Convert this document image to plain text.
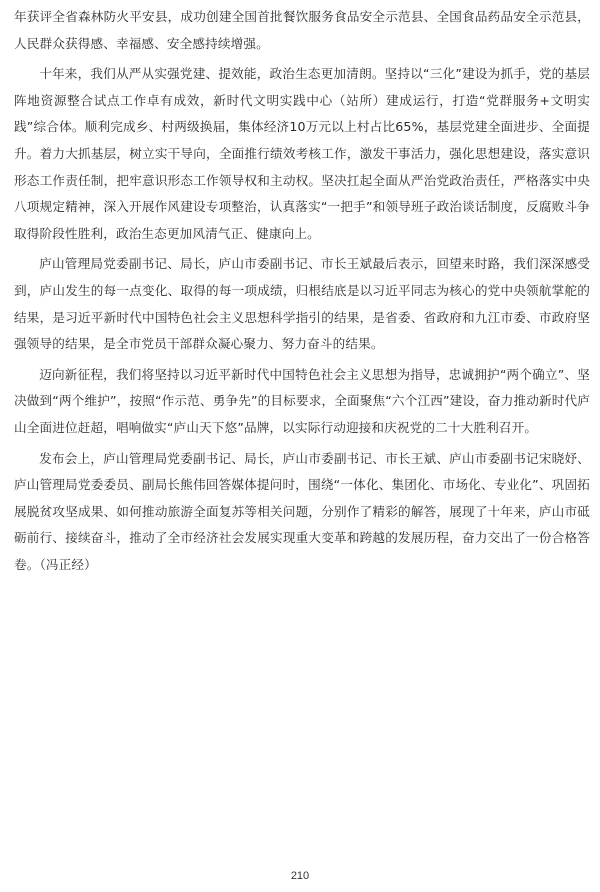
年获评全省森林防火平安县，成功创建全国首批餐饮服务食品安全示范县、全国食品药品安全示范县，人民群众获得感、幸福感、安全感持续增强。

十年来，我们从严从实强党建、提效能，政治生态更加清朗。坚持以“三化”建设为抓手，党的基层阵地资源整合试点工作卓有成效，新时代文明实践中心（站所）建成运行，打造“党群服务+文明实践”综合体。顺利完成乡、村两级换届，集体经济10万元以上村占比65%，基层党建全面进步、全面提升。着力大抓基层，树立实干导向，全面推行绩效考核工作，激发干事活力，强化思想建设，落实意识形态工作责任制，把牢意识形态工作领导权和主动权。坚决扛起全面从严治党政治责任，严格落实中央八项规定精神，深入开展作风建设专项整治，认真落实“一把手”和领导班子政治谈话制度，反腐败斗争取得阶段性胜利，政治生态更加风清气正、健康向上。

庐山管理局党委副书记、局长，庐山市委副书记、市长王斌最后表示，回望来时路，我们深深感受到，庐山发生的每一点变化、取得的每一项成绩，归根结底是以习近平同志为核心的党中央领航掌舵的结果，是习近平新时代中国特色社会主义思想科学指引的结果，是省委、省政府和九江市委、市政府坚强领导的结果，是全市党员干部群众凝心聚力、努力奋斗的结果。

迈向新征程，我们将坚持以习近平新时代中国特色社会主义思想为指导，忠诚拥护“两个确立”、坚决做到“两个维护”，按照“作示范、勇争先”的目标要求，全面聚焦“六个江西”建设，奋力推动新时代庐山全面进位赶超，唱响做实“庐山天下悠”品牌，以实际行动迎接和庆祝党的二十大胜利召开。

发布会上，庐山管理局党委副书记、局长，庐山市委副书记、市长王斌、庐山市委副书记宋晓妤、庐山管理局党委委员、副局长熊伟回答媒体提问时，围绕“一体化、集团化、市场化、专业化”、巩固拓展脱贫攻坚成果、如何推动旅游全面复苏等相关问题，分别作了精彩的解答，展现了十年来，庐山市砥砺前行、接续奋斗，推动了全市经济社会发展实现重大变革和跨越的发展历程，奋力交出了一份合格答卷。（冯正经）

210
